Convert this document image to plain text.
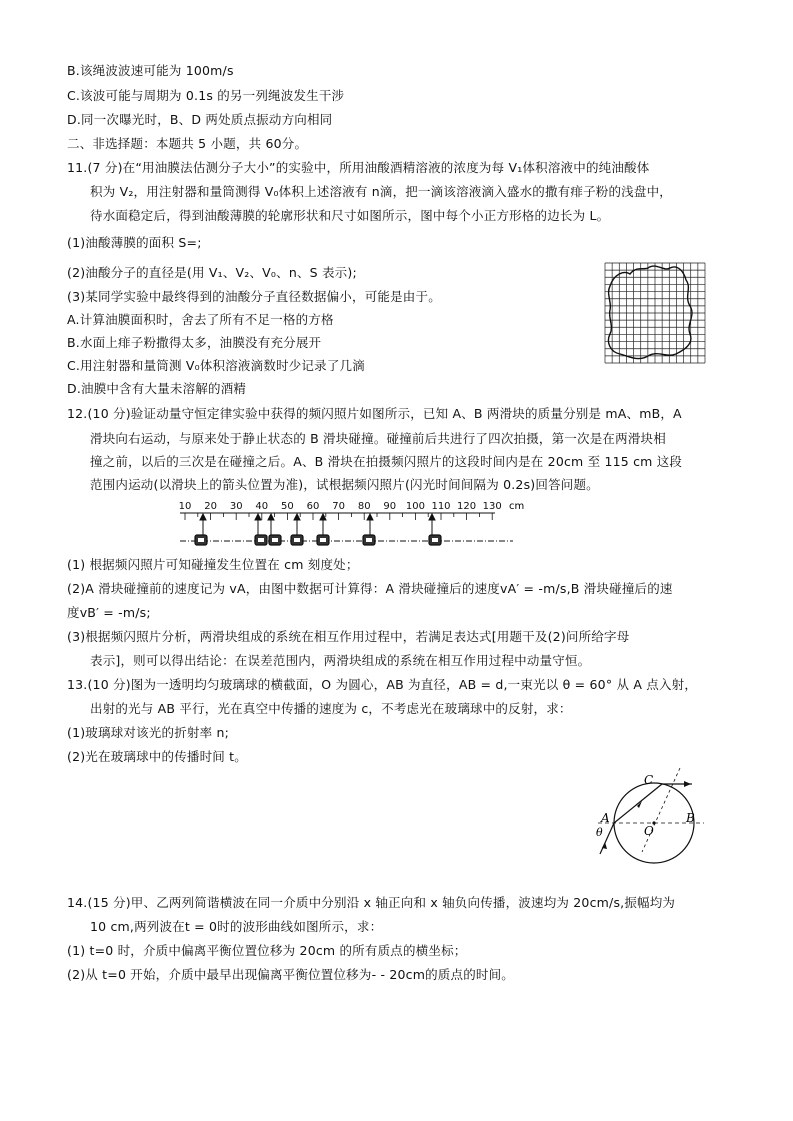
B.该绳波波速可能为 100m/s
C.该波可能与周期为 0.1s 的另一列绳波发生干涉
D.同一次曝光时，B、D 两处质点振动方向相同
二、非选择题：本题共 5 小题，共 60分。
11.(7 分)在“用油膜法估测分子大小”的实验中，所用油酸酒精溶液的浓度为每 V₁体积溶液中的纯油酸体
积为 V₂，用注射器和量筒测得 V₀体积上述溶液有 n滴，把一滴该溶液滴入盛水的撒有痱子粉的浅盘中，
待水面稳定后，得到油酸薄膜的轮廓形状和尺寸如图所示，图中每个小正方形格的边长为 L。
(1)油酸薄膜的面积 S=;
(2)油酸分子的直径是(用 V₁、V₂、V₀、n、S 表示);
(3)某同学实验中最终得到的油酸分子直径数据偏小，可能是由于。
A.计算油膜面积时，舍去了所有不足一格的方格
B.水面上痱子粉撒得太多，油膜没有充分展开
C.用注射器和量筒测 V₀体积溶液滴数时少记录了几滴
D.油膜中含有大量未溶解的酒精
12.(10 分)验证动量守恒定律实验中获得的频闪照片如图所示，已知 A、B 两滑块的质量分别是 mA、mB，A
滑块向右运动，与原来处于静止状态的 B 滑块碰撞。碰撞前后共进行了四次拍摄，第一次是在两滑块相
撞之前，以后的三次是在碰撞之后。A、B 滑块在拍摄频闪照片的这段时间内是在 20cm 至 115 cm 这段
范围内运动(以滑块上的箭头位置为准)，试根据频闪照片(闪光时间间隔为 0.2s)回答问题。
(1) 根据频闪照片可知碰撞发生位置在 cm 刻度处；
(2)A 滑块碰撞前的速度记为 vA，由图中数据可计算得：A 滑块碰撞后的速度vA′ = -m/s,B 滑块碰撞后的速
度vB′ = -m/s;
(3)根据频闪照片分析，两滑块组成的系统在相互作用过程中，若满足表达式[用题干及(2)问所给字母
表示]，则可以得出结论：在误差范围内，两滑块组成的系统在相互作用过程中动量守恒。
13.(10 分)图为一透明均匀玻璃球的横截面，O 为圆心，AB 为直径，AB = d,一束光以 θ = 60° 从 A 点入射，
出射的光与 AB 平行，光在真空中传播的速度为 c，不考虑光在玻璃球中的反射，求：
(1)玻璃球对该光的折射率 n;
(2)光在玻璃球中的传播时间 t。
14.(15 分)甲、乙两列简谐横波在同一介质中分别沿 x 轴正向和 x 轴负向传播，波速均为 20cm/s,振幅均为
10 cm,两列波在t = 0时的波形曲线如图所示，求：
(1) t=0 时，介质中偏离平衡位置位移为 20cm 的所有质点的横坐标；
(2)从 t=0 开始，介质中最早出现偏离平衡位置位移为- - 20cm的质点的时间。
10 20 30 40 50 60 70 80 90 100 110 120 130 cm
C
A
O
B
θ
